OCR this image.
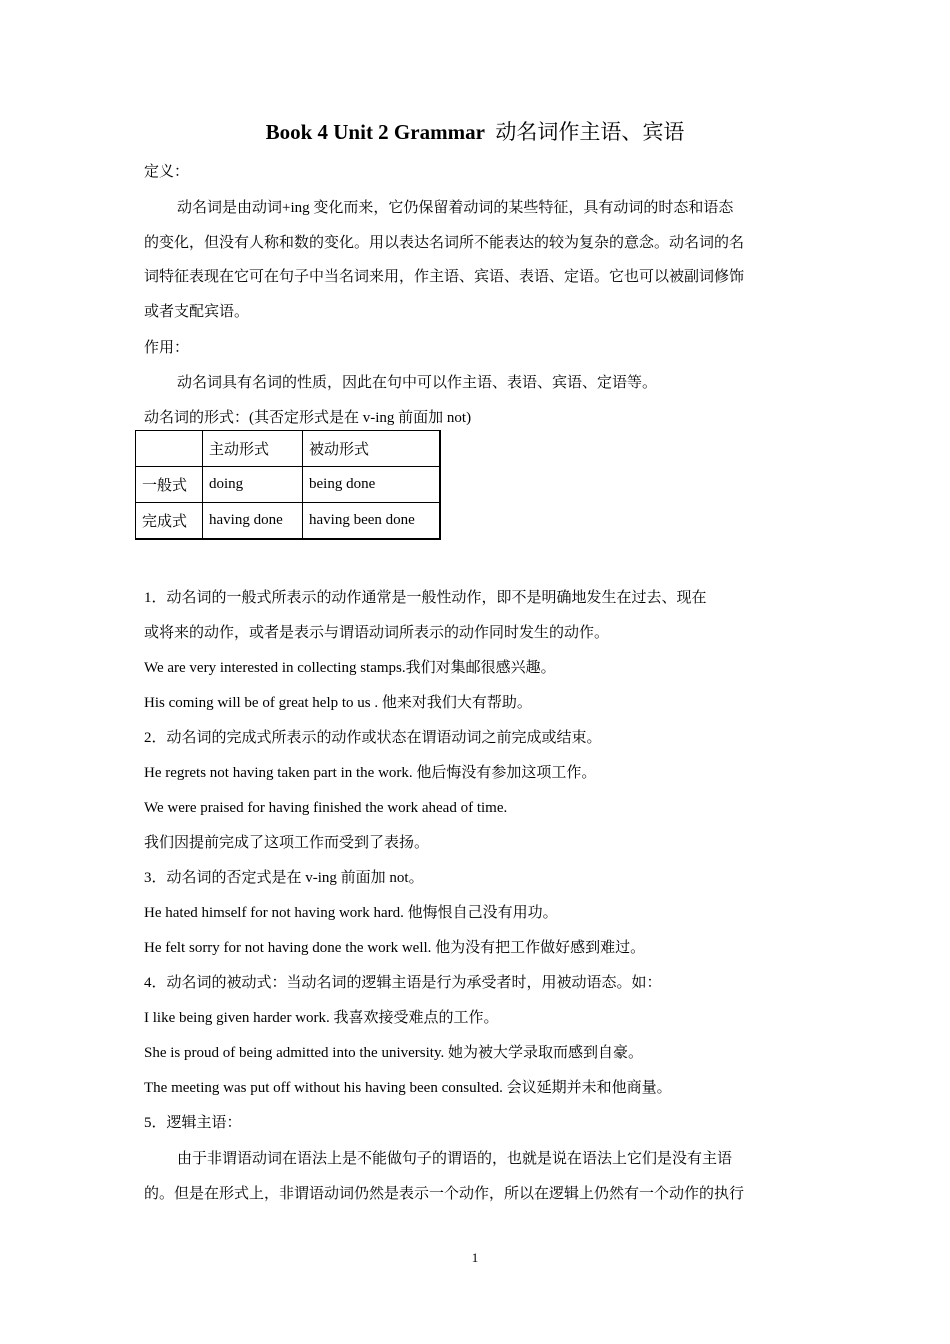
Book 4 Unit 2 Grammar 动名词作主语、宾语
定义：
动名词是由动词+ing 变化而来，它仍保留着动词的某些特征，具有动词的时态和语态
的变化，但没有人称和数的变化。用以表达名词所不能表达的较为复杂的意念。动名词的名
词特征表现在它可在句子中当名词来用，作主语、宾语、表语、定语。它也可以被副词修饰
或者支配宾语。
作用：
动名词具有名词的性质，因此在句中可以作主语、表语、宾语、定语等。
动名词的形式：(其否定形式是在 v-ing 前面加 not)
	主动形式	被动形式
一般式	doing	being done
完成式	having done	having been done
1．动名词的一般式所表示的动作通常是一般性动作，即不是明确地发生在过去、现在
或将来的动作，或者是表示与谓语动词所表示的动作同时发生的动作。
We are very interested in collecting stamps.我们对集邮很感兴趣。
His coming will be of great help to us . 他来对我们大有帮助。
2．动名词的完成式所表示的动作或状态在谓语动词之前完成或结束。
He regrets not having taken part in the work. 他后悔没有参加这项工作。
We were praised for having finished the work ahead of time.
我们因提前完成了这项工作而受到了表扬。
3．动名词的否定式是在 v-ing 前面加 not。
He hated himself for not having work hard. 他悔恨自己没有用功。
He felt sorry for not having done the work well. 他为没有把工作做好感到难过。
4．动名词的被动式：当动名词的逻辑主语是行为承受者时，用被动语态。如：
I like being given harder work. 我喜欢接受难点的工作。
She is proud of being admitted into the university. 她为被大学录取而感到自豪。
The meeting was put off without his having been consulted. 会议延期并未和他商量。
5．逻辑主语：
由于非谓语动词在语法上是不能做句子的谓语的，也就是说在语法上它们是没有主语
的。但是在形式上，非谓语动词仍然是表示一个动作，所以在逻辑上仍然有一个动作的执行
1
